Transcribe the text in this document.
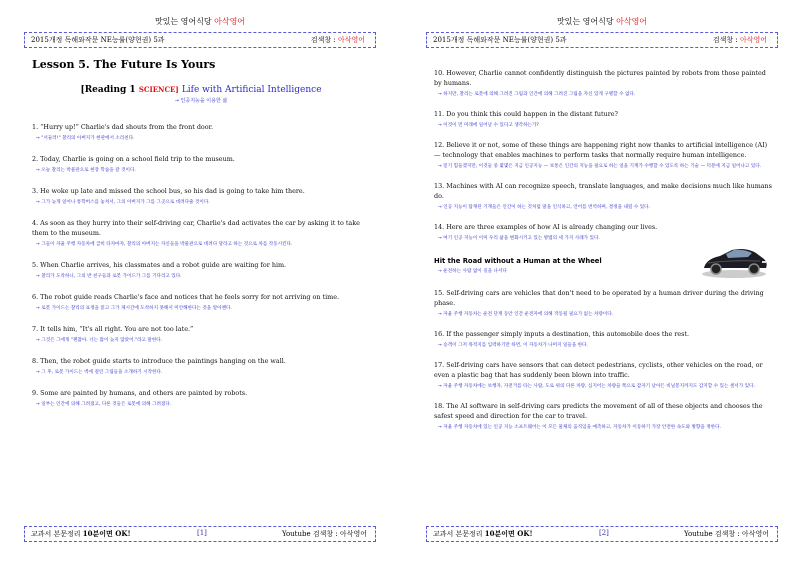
맛있는 영어식당 아삭영어
2015개정 독해와작문 NE능률(양현권) 5과	검색창 : 아삭영어
Lesson 5. The Future Is Yours
[Reading 1 SCIENCE] Life with Artificial Intelligence
→ 인공지능을 이용한 삶
1. “Hurry up!” Charlie's dad shouts from the front door.
→ "서둘러!" 찰리의 아버지가 현관에서 소리친다.
2. Today, Charlie is going on a school field trip to the museum.
→ 오늘 찰리는 박물관으로 현장 학습을 갈 것이다.
3. He woke up late and missed the school bus, so his dad is going to take him there.
→ 그가 늦게 일어나 통학버스를 놓쳐서, 그의 아버지가 그를 그곳으로 데려다줄 것이다.
4. As soon as they hurry into their self-driving car, Charlie's dad activates the car by asking it to take them to the museum.
→ 그들이 자율 주행 자동차에 급히 타자마자, 찰리의 아버지는 자신들을 박물관으로 데려다 달라고 하는 것으로 차를 작동시킨다.
5. When Charlie arrives, his classmates and a robot guide are waiting for him.
→ 찰리가 도착하니, 그의 반 친구들과 로봇 가이드가 그를 기다리고 있다.
6. The robot guide reads Charlie's face and notices that he feels sorry for not arriving on time.
→ 로봇 가이드는 찰리의 표정을 읽고 그가 제시간에 도착하지 못해서 미안해한다는 것을 알아챈다.
7. It tells him, “It's all right. You are not too late.”
→ 그것은 그에게 "괜찮아. 너는 많이 늦지 않았어."라고 말한다.
8. Then, the robot guide starts to introduce the paintings hanging on the wall.
→ 그 후, 로봇 가이드는 벽에 걸린 그림들을 소개하기 시작한다.
9. Some are painted by humans, and others are painted by robots.
→ 일부는 인간에 의해 그려졌고, 다른 것들은 로봇에 의해 그려졌다.
교과서 본문정리 10분이면 OK!	[1]	Youtube 검색창 : 아삭영어
맛있는 영어식당 아삭영어
2015개정 독해와작문 NE능률(양현권) 5과	검색창 : 아삭영어
10. However, Charlie cannot confidently distinguish the pictures painted by robots from those painted by humans.
→ 하지만, 찰리는 로봇에 의해 그려진 그림과 인간에 의해 그려진 그림을 자신 있게 구별할 수 없다.
11. Do you think this could happen in the distant future?
→ 이것이 먼 미래에 일어날 수 있다고 생각하는가?
12. Believe it or not, some of these things are happening right now thanks to artificial intelligence (AI) — technology that enables machines to perform tasks that normally require human intelligence.
→ 믿기 힘들겠지만, 이것들 중 몇몇은 지금 인공지능 — 보통은 인간의 지능을 필요로 하는 일을 기계가 수행할 수 있도록 하는 기술 — 덕분에 지금 일어나고 있다.
13. Machines with AI can recognize speech, translate languages, and make decisions much like humans do.
→ 인공 지능이 탑재된 기계들은 인간이 하는 것처럼 말을 인식하고, 언어를 번역하며, 결정을 내릴 수 있다.
14. Here are three examples of how AI is already changing our lives.
→ 여기 인공 지능이 이미 우리 삶을 변화시키고 있는 방법의 세 가지 사례가 있다.
Hit the Road without a Human at the Wheel
→ 운전하는 사람 없이 길을 나서다
15. Self-driving cars are vehicles that don't need to be operated by a human driver during the driving phase.
→ 자율 주행 자동차는 운전 단계 동안 인간 운전자에 의해 작동될 필요가 없는 차량이다.
16. If the passenger simply inputs a destination, this automobile does the rest.
→ 승객이 그저 목적지를 입력하기만 하면, 이 자동차가 나머지 일들을 한다.
17. Self-driving cars have sensors that can detect pedestrians, cyclists, other vehicles on the road, or even a plastic bag that has suddenly been blown into traffic.
→ 자율 주행 자동차에는 보행자, 자전거를 타는 사람, 도로 위의 다른 차량, 심지어는 차량들 쪽으로 갑자기 날아든 비닐봉지까지도 감지할 수 있는 센서가 있다.
18. The AI software in self-driving cars predicts the movement of all of these objects and chooses the safest speed and direction for the car to travel.
→ 자율 주행 자동차에 있는 인공 지능 소프트웨어는 이 모든 물체의 움직임을 예측하고, 자동차가 이동하기 가장 안전한 속도와 방향을 정한다.
교과서 본문정리 10분이면 OK!	[2]	Youtube 검색창 : 아삭영어
